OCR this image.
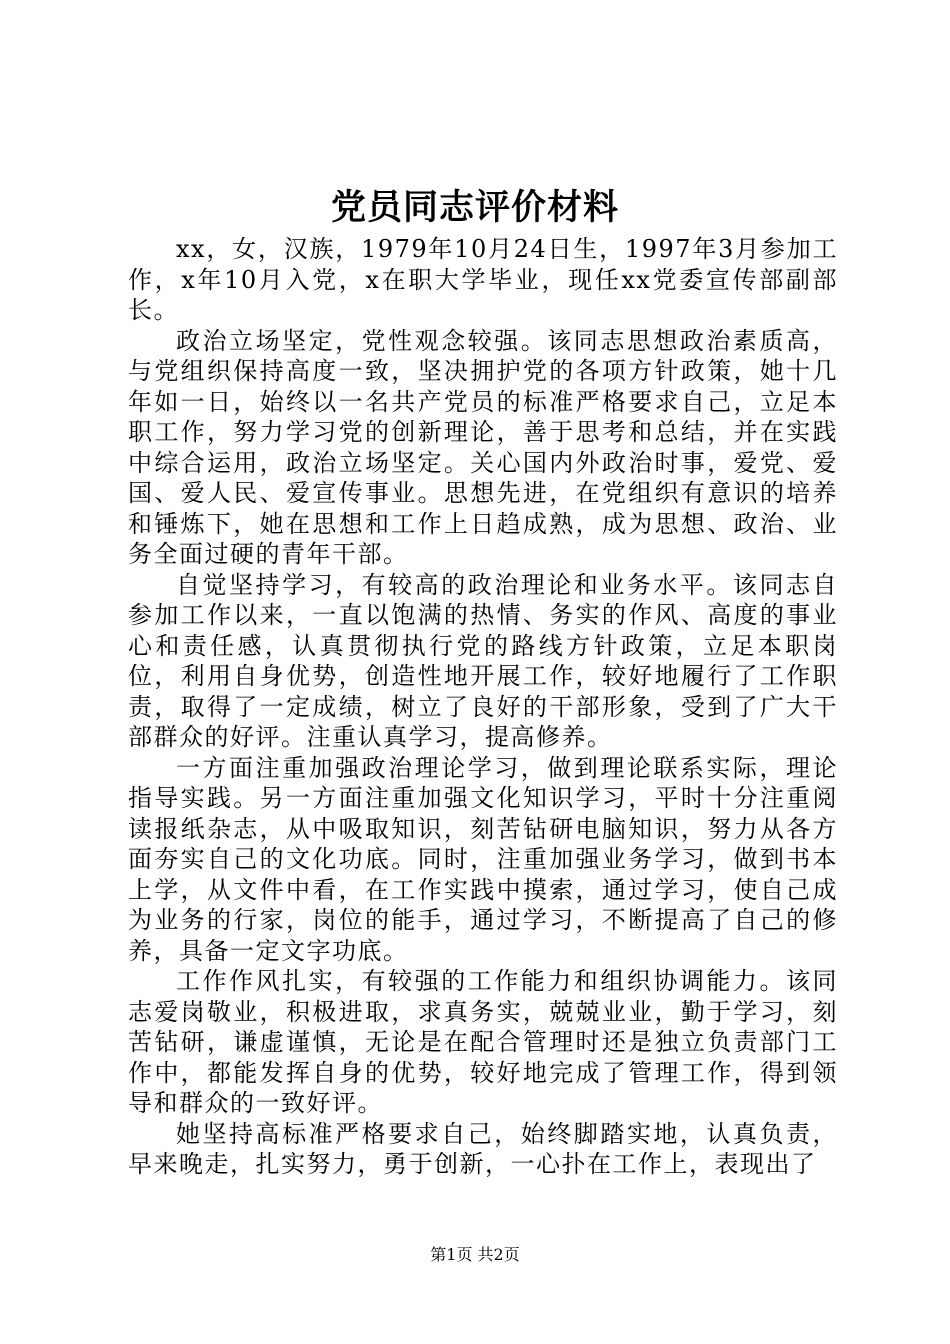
党员同志评价材料

xx，女，汉族，1979年10月24日生，1997年3月参加工作，x年10月入党，x在职大学毕业，现任xx党委宣传部副部长。

政治立场坚定，党性观念较强。该同志思想政治素质高，与党组织保持高度一致，坚决拥护党的各项方针政策，她十几年如一日，始终以一名共产党员的标准严格要求自己，立足本职工作，努力学习党的创新理论，善于思考和总结，并在实践中综合运用，政治立场坚定。关心国内外政治时事，爱党、爱国、爱人民、爱宣传事业。思想先进，在党组织有意识的培养和锤炼下，她在思想和工作上日趋成熟，成为思想、政治、业务全面过硬的青年干部。

自觉坚持学习，有较高的政治理论和业务水平。该同志自参加工作以来，一直以饱满的热情、务实的作风、高度的事业心和责任感，认真贯彻执行党的路线方针政策，立足本职岗位，利用自身优势，创造性地开展工作，较好地履行了工作职责，取得了一定成绩，树立了良好的干部形象，受到了广大干部群众的好评。注重认真学习，提高修养。

一方面注重加强政治理论学习，做到理论联系实际，理论指导实践。另一方面注重加强文化知识学习，平时十分注重阅读报纸杂志，从中吸取知识，刻苦钻研电脑知识，努力从各方面夯实自己的文化功底。同时，注重加强业务学习，做到书本上学，从文件中看，在工作实践中摸索，通过学习，使自己成为业务的行家，岗位的能手，通过学习，不断提高了自己的修养，具备一定文字功底。

工作作风扎实，有较强的工作能力和组织协调能力。该同志爱岗敬业，积极进取，求真务实，兢兢业业，勤于学习，刻苦钻研，谦虚谨慎，无论是在配合管理时还是独立负责部门工作中，都能发挥自身的优势，较好地完成了管理工作，得到领导和群众的一致好评。

她坚持高标准严格要求自己，始终脚踏实地，认真负责，早来晚走，扎实努力，勇于创新，一心扑在工作上，表现出了

第1页 共2页
